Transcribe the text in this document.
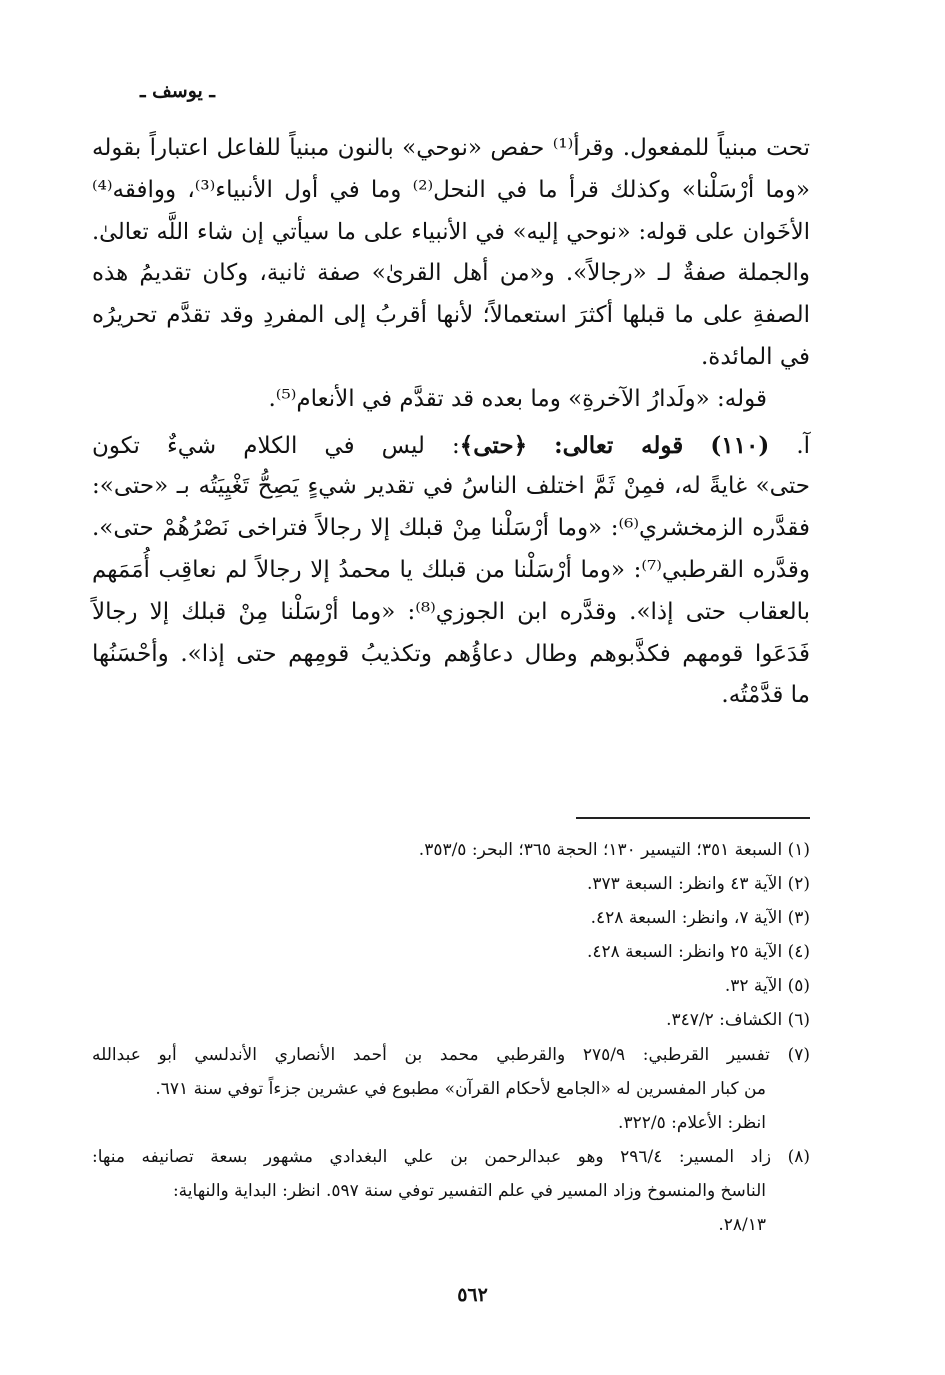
ـ يوسف ـ
تحت مبنياً للمفعول. وقرأ⁽¹⁾ حفص «نوحي» بالنون مبنياً للفاعل اعتباراً بقوله
«وما أرْسَلْنا» وكذلك قرأ ما في النحل⁽²⁾ وما في أول الأنبياء⁽³⁾، ووافقه⁽⁴⁾
الأخَوان على قوله: «نوحي إليه» في الأنبياء على ما سيأتي إن شاء اللَّه تعالىٰ.
والجملة صفةٌ لـ «رجالاً». و«من أهل القرىٰ» صفة ثانية، وكان تقديمُ هذه
الصفةِ على ما قبلها أكثرَ استعمالاً؛ لأنها أقربُ إلى المفردِ وقد تقدَّم تحريرُه
في المائدة.
قوله: «ولَدارُ الآخرةِ» وما بعده قد تقدَّم في الأنعام⁽⁵⁾.
آ. (١١٠) قوله تعالى: ﴿حتى﴾: ليس في الكلام شيءٌ تكون
حتى» غايةً له، فمِنْ ثَمَّ اختلف الناسُ في تقدير شيءٍ يَصِحُّ تَغْيِيَتُه بـ «حتى»:
فقدَّره الزمخشري⁽⁶⁾: «وما أرْسَلْنا مِنْ قبلك إلا رجالاً فتراخى نَصْرُهُمْ حتى».
وقدَّره القرطبي⁽⁷⁾: «وما أرْسَلْنا من قبلك يا محمدُ إلا رجالاً لم نعاقِب أُمَمَهم
بالعقاب حتى إذا». وقدَّره ابن الجوزي⁽⁸⁾: «وما أرْسَلْنا مِنْ قبلك إلا رجالاً
فَدَعَوا قومهم فكذَّبوهم وطال دعاؤُهم وتكذيبُ قومِهم حتى إذا». وأحْسَنُها
ما قدَّمْتُه.
(١) السبعة ٣٥١؛ التيسير ١٣٠؛ الحجة ٣٦٥؛ البحر: ٣٥٣/٥.
(٢) الآية ٤٣ وانظر: السبعة ٣٧٣.
(٣) الآية ٧، وانظر: السبعة ٤٢٨.
(٤) الآية ٢٥ وانظر: السبعة ٤٢٨.
(٥) الآية ٣٢.
(٦) الكشاف: ٣٤٧/٢.
(٧) تفسير القرطبي: ٢٧٥/٩ والقرطبي محمد بن أحمد الأنصاري الأندلسي أبو عبدالله
من كبار المفسرين له «الجامع لأحكام القرآن» مطبوع في عشرين جزءاً توفي سنة ٦٧١.
انظر: الأعلام: ٣٢٢/٥.
(٨) زاد المسير: ٢٩٦/٤ وهو عبدالرحمن بن علي البغدادي مشهور بسعة تصانيفه منها:
الناسخ والمنسوخ وزاد المسير في علم التفسير توفي سنة ٥٩٧. انظر: البداية والنهاية:
٢٨/١٣.
٥٦٢
